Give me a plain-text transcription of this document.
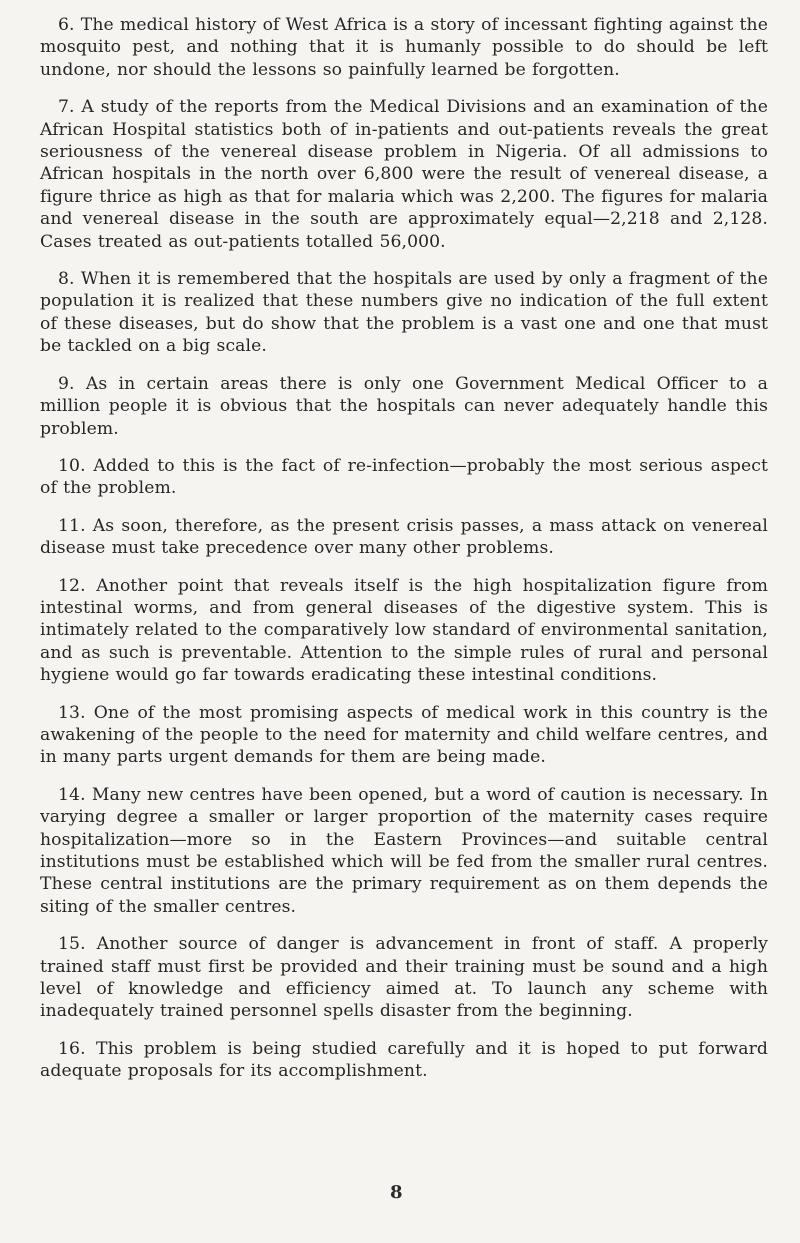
6. The medical history of West Africa is a story of incessant fighting against the mosquito pest, and nothing that it is humanly possible to do should be left undone, nor should the lessons so painfully learned be forgotten.

7. A study of the reports from the Medical Divisions and an examination of the African Hospital statistics both of in-patients and out-patients reveals the great seriousness of the venereal disease problem in Nigeria. Of all admissions to African hospitals in the north over 6,800 were the result of venereal disease, a figure thrice as high as that for malaria which was 2,200. The figures for malaria and venereal disease in the south are approximately equal—2,218 and 2,128. Cases treated as out-patients totalled 56,000.

8. When it is remembered that the hospitals are used by only a fragment of the population it is realized that these numbers give no indication of the full extent of these diseases, but do show that the problem is a vast one and one that must be tackled on a big scale.

9. As in certain areas there is only one Government Medical Officer to a million people it is obvious that the hospitals can never adequately handle this problem.

10. Added to this is the fact of re-infection—probably the most serious aspect of the problem.

11. As soon, therefore, as the present crisis passes, a mass attack on venereal disease must take precedence over many other problems.

12. Another point that reveals itself is the high hospitalization figure from intestinal worms, and from general diseases of the digestive system. This is intimately related to the comparatively low standard of environmental sanitation, and as such is preventable. Attention to the simple rules of rural and personal hygiene would go far towards eradicating these intestinal conditions.

13. One of the most promising aspects of medical work in this country is the awakening of the people to the need for maternity and child welfare centres, and in many parts urgent demands for them are being made.

14. Many new centres have been opened, but a word of caution is necessary. In varying degree a smaller or larger proportion of the maternity cases require hospitalization—more so in the Eastern Provinces—and suitable central institutions must be established which will be fed from the smaller rural centres. These central institutions are the primary requirement as on them depends the siting of the smaller centres.

15. Another source of danger is advancement in front of staff. A properly trained staff must first be provided and their training must be sound and a high level of knowledge and efficiency aimed at. To launch any scheme with inadequately trained personnel spells disaster from the beginning.

16. This problem is being studied carefully and it is hoped to put forward adequate proposals for its accomplishment.

8
